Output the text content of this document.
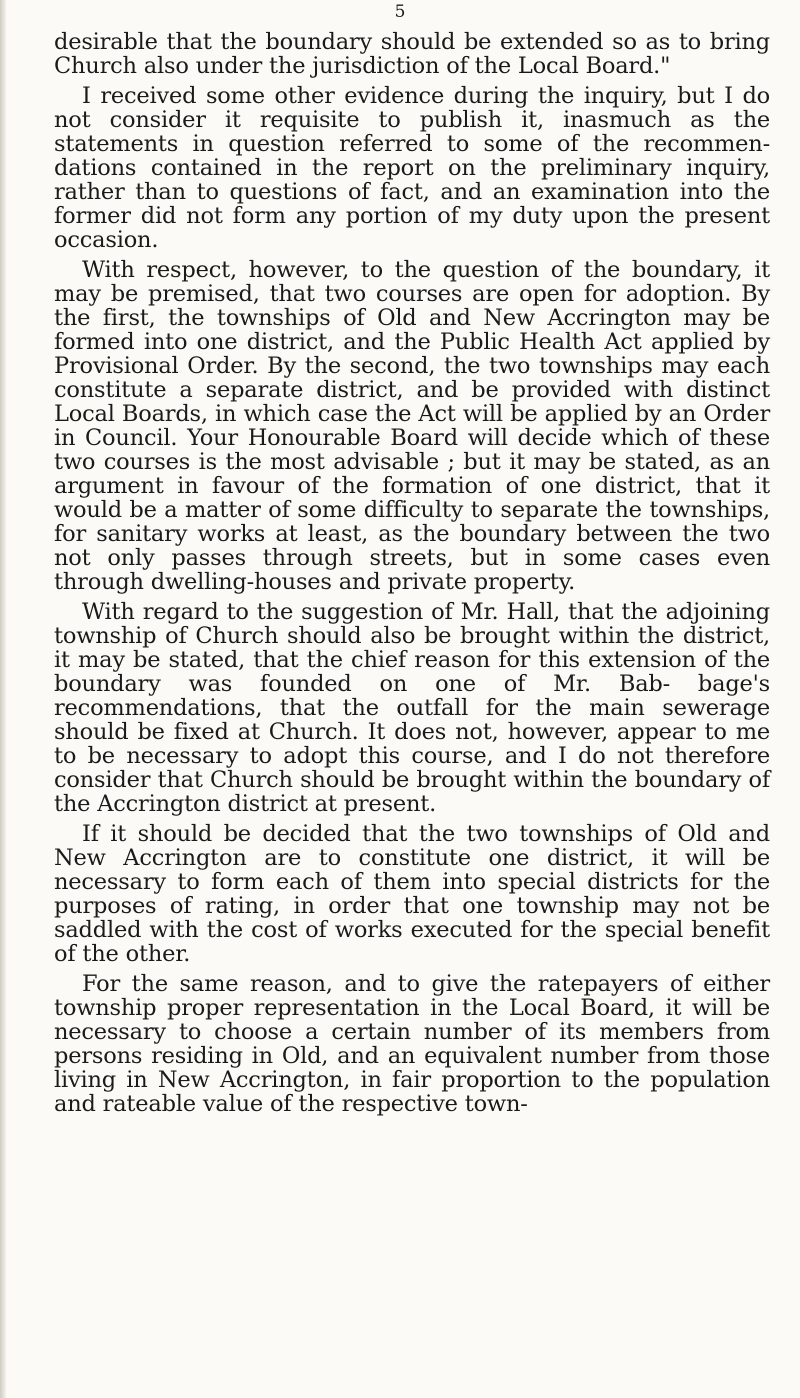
5

desirable that the boundary should be extended so as to bring Church also under the jurisdiction of the Local Board."

I received some other evidence during the inquiry, but I do not consider it requisite to publish it, inasmuch as the statements in question referred to some of the recommen- dations contained in the report on the preliminary inquiry, rather than to questions of fact, and an examination into the former did not form any portion of my duty upon the present occasion.

With respect, however, to the question of the boundary, it may be premised, that two courses are open for adoption. By the first, the townships of Old and New Accrington may be formed into one district, and the Public Health Act applied by Provisional Order. By the second, the two townships may each constitute a separate district, and be provided with distinct Local Boards, in which case the Act will be applied by an Order in Council. Your Honourable Board will decide which of these two courses is the most advisable ; but it may be stated, as an argument in favour of the formation of one district, that it would be a matter of some difficulty to separate the townships, for sanitary works at least, as the boundary between the two not only passes through streets, but in some cases even through dwelling-houses and private property.

With regard to the suggestion of Mr. Hall, that the adjoining township of Church should also be brought within the district, it may be stated, that the chief reason for this extension of the boundary was founded on one of Mr. Bab- bage's recommendations, that the outfall for the main sewerage should be fixed at Church. It does not, however, appear to me to be necessary to adopt this course, and I do not therefore consider that Church should be brought within the boundary of the Accrington district at present.

If it should be decided that the two townships of Old and New Accrington are to constitute one district, it will be necessary to form each of them into special districts for the purposes of rating, in order that one township may not be saddled with the cost of works executed for the special benefit of the other.

For the same reason, and to give the ratepayers of either township proper representation in the Local Board, it will be necessary to choose a certain number of its members from persons residing in Old, and an equivalent number from those living in New Accrington, in fair proportion to the population and rateable value of the respective town-
